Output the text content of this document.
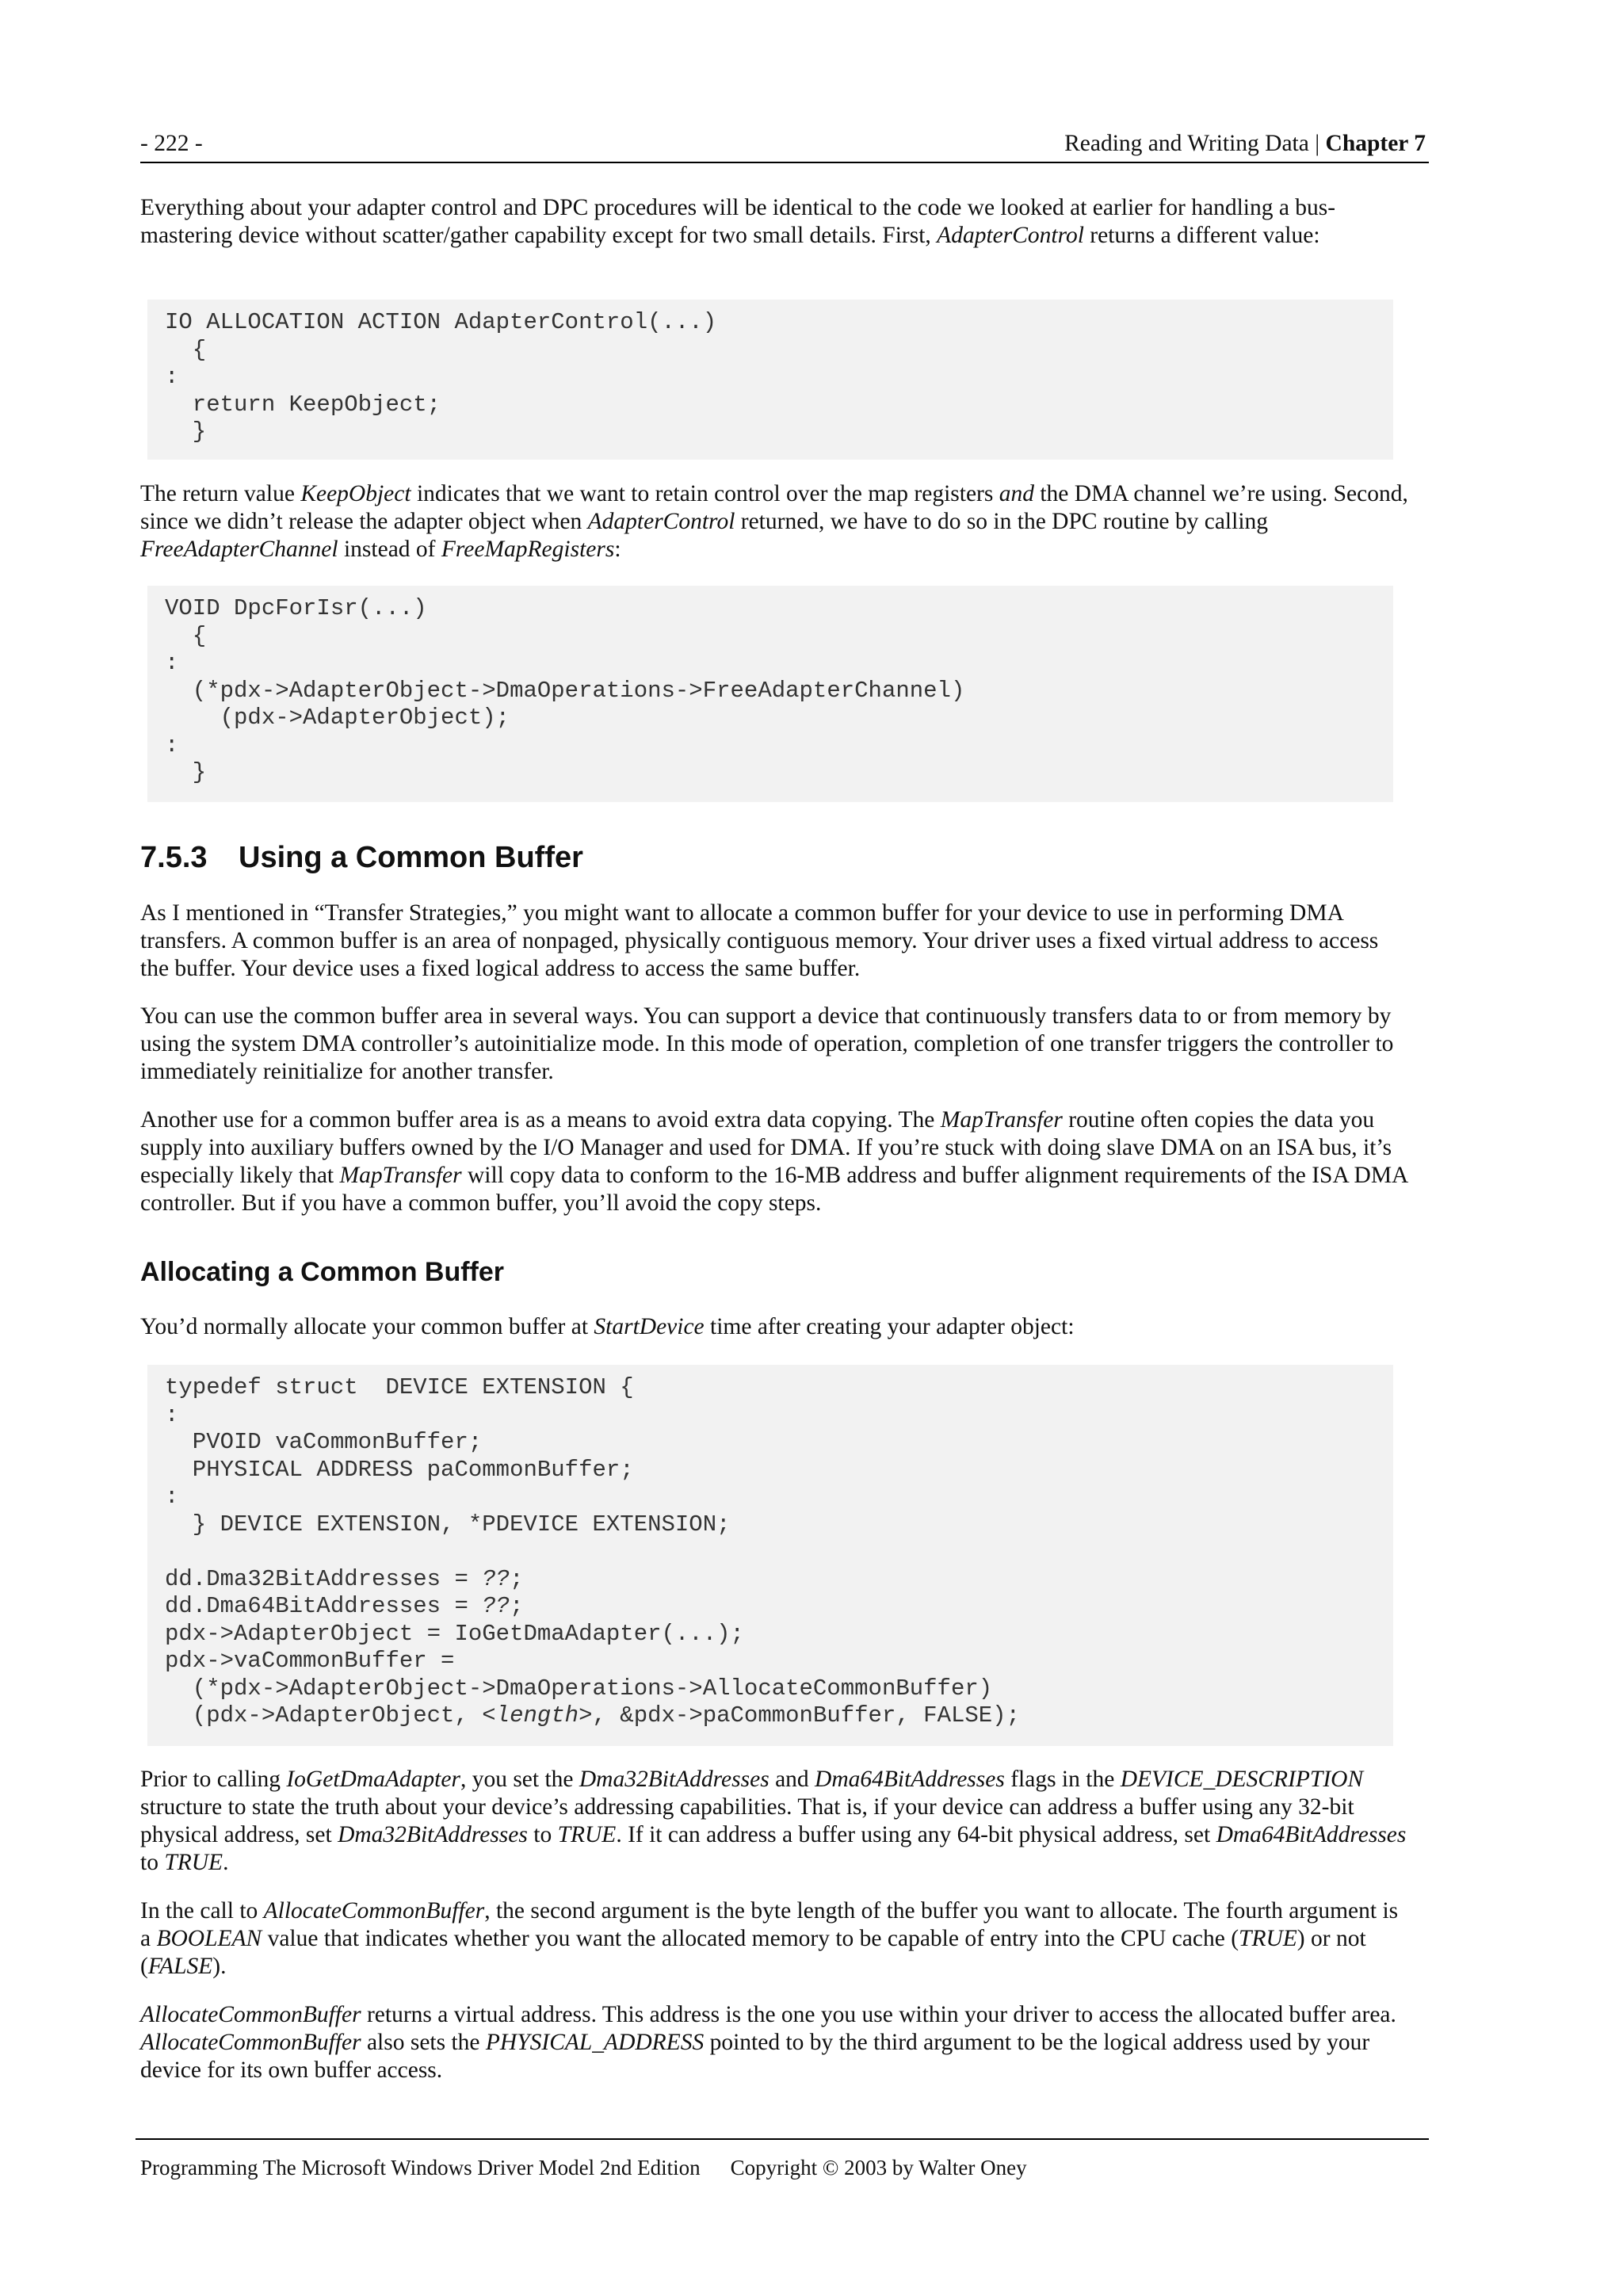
- 222 -	Reading and Writing Data | Chapter 7

Everything about your adapter control and DPC procedures will be identical to the code we looked at earlier for handling a bus-mastering device without scatter/gather capability except for two small details. First, AdapterControl returns a different value:

IO ALLOCATION ACTION AdapterControl(...)
{
:
return KeepObject;
}

The return value KeepObject indicates that we want to retain control over the map registers and the DMA channel we’re using. Second, since we didn’t release the adapter object when AdapterControl returned, we have to do so in the DPC routine by calling FreeAdapterChannel instead of FreeMapRegisters:

VOID DpcForIsr(...)
{
:
(*pdx->AdapterObject->DmaOperations->FreeAdapterChannel)
(pdx->AdapterObject);
:
}
7.5.3 Using a Common Buffer

As I mentioned in “Transfer Strategies,” you might want to allocate a common buffer for your device to use in performing DMA transfers. A common buffer is an area of nonpaged, physically contiguous memory. Your driver uses a fixed virtual address to access the buffer. Your device uses a fixed logical address to access the same buffer.

You can use the common buffer area in several ways. You can support a device that continuously transfers data to or from memory by using the system DMA controller’s autoinitialize mode. In this mode of operation, completion of one transfer triggers the controller to immediately reinitialize for another transfer.

Another use for a common buffer area is as a means to avoid extra data copying. The MapTransfer routine often copies the data you supply into auxiliary buffers owned by the I/O Manager and used for DMA. If you’re stuck with doing slave DMA on an ISA bus, it’s especially likely that MapTransfer will copy data to conform to the 16-MB address and buffer alignment requirements of the ISA DMA controller. But if you have a common buffer, you’ll avoid the copy steps.

Allocating a Common Buffer

You’d normally allocate your common buffer at StartDevice time after creating your adapter object:

typedef struct  DEVICE EXTENSION {
:
PVOID vaCommonBuffer;
PHYSICAL ADDRESS paCommonBuffer;
:
} DEVICE EXTENSION, *PDEVICE EXTENSION;

dd.Dma32BitAddresses = ??;
dd.Dma64BitAddresses = ??;
pdx->AdapterObject = IoGetDmaAdapter(...);
pdx->vaCommonBuffer =
(*pdx->AdapterObject->DmaOperations->AllocateCommonBuffer)
(pdx->AdapterObject, <length>, &pdx->paCommonBuffer, FALSE);

Prior to calling IoGetDmaAdapter, you set the Dma32BitAddresses and Dma64BitAddresses flags in the DEVICE_DESCRIPTION structure to state the truth about your device’s addressing capabilities. That is, if your device can address a buffer using any 32-bit physical address, set Dma32BitAddresses to TRUE. If it can address a buffer using any 64-bit physical address, set Dma64BitAddresses to TRUE.

In the call to AllocateCommonBuffer, the second argument is the byte length of the buffer you want to allocate. The fourth argument is a BOOLEAN value that indicates whether you want the allocated memory to be capable of entry into the CPU cache (TRUE) or not (FALSE).

AllocateCommonBuffer returns a virtual address. This address is the one you use within your driver to access the allocated buffer area. AllocateCommonBuffer also sets the PHYSICAL_ADDRESS pointed to by the third argument to be the logical address used by your device for its own buffer access.

Programming The Microsoft Windows Driver Model 2nd Edition Copyright © 2003 by Walter Oney
